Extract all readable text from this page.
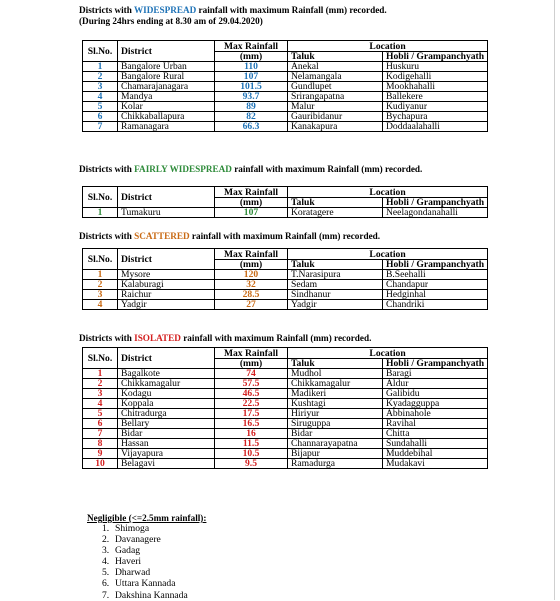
Districts with WIDESPREAD rainfall with maximum Rainfall (mm) recorded.
(During 24hrs ending at 8.30 am of 29.04.2020)
Sl.No.	District	Max Rainfall	Location	
		(mm)	Taluk	Hobli / Grampanchyath
1	Bangalore Urban	110	Anekal	Huskuru
2	Bangalore Rural	107	Nelamangala	Kodigehalli
3	Chamarajanagara	101.5	Gundlupet	Mookhahalli
4	Mandya	93.7	Srirangapatna	Ballekere
5	Kolar	89	Malur	Kudiyanur
6	Chikkaballapura	82	Gauribidanur	Bychapura
7	Ramanagara	66.3	Kanakapura	Doddaalahalli
Districts with FAIRLY WIDESPREAD rainfall with maximum Rainfall (mm) recorded.
Sl.No.	District	Max Rainfall	Location	
		(mm)	Taluk	Hobli / Grampanchyath
1	Tumakuru	107	Koratagere	Neelagondanahalli
Districts with SCATTERED rainfall with maximum Rainfall (mm) recorded.
Sl.No.	District	Max Rainfall	Location	
		(mm)	Taluk	Hobli / Grampanchyath
1	Mysore	120	T.Narasipura	B.Seehalli
2	Kalaburagi	32	Sedam	Chandapur
3	Raichur	28.5	Sindhanur	Hedginhal
4	Yadgir	27	Yadgir	Chandriki
Districts with ISOLATED rainfall with maximum Rainfall (mm) recorded.
Sl.No.	District	Max Rainfall	Location	
		(mm)	Taluk	Hobli / Grampanchyath
1	Bagalkote	74	Mudhol	Baragi
2	Chikkamagalur	57.5	Chikkamagalur	Aldur
3	Kodagu	46.5	Madikeri	Galibidu
4	Koppala	22.5	Kushtagi	Kyadagguppa
5	Chitradurga	17.5	Hiriyur	Abbinahole
6	Bellary	16.5	Siruguppa	Ravihal
7	Bidar	16	Bidar	Chitta
8	Hassan	11.5	Channarayapatna	Sundahalli
9	Vijayapura	10.5	Bijapur	Muddebihal
10	Belagavi	9.5	Ramadurga	Mudakavi
Negligible (<=2.5mm rainfall):
1. Shimoga
2. Davanagere
3. Gadag
4. Haveri
5. Dharwad
6. Uttara Kannada
7. Dakshina Kannada
